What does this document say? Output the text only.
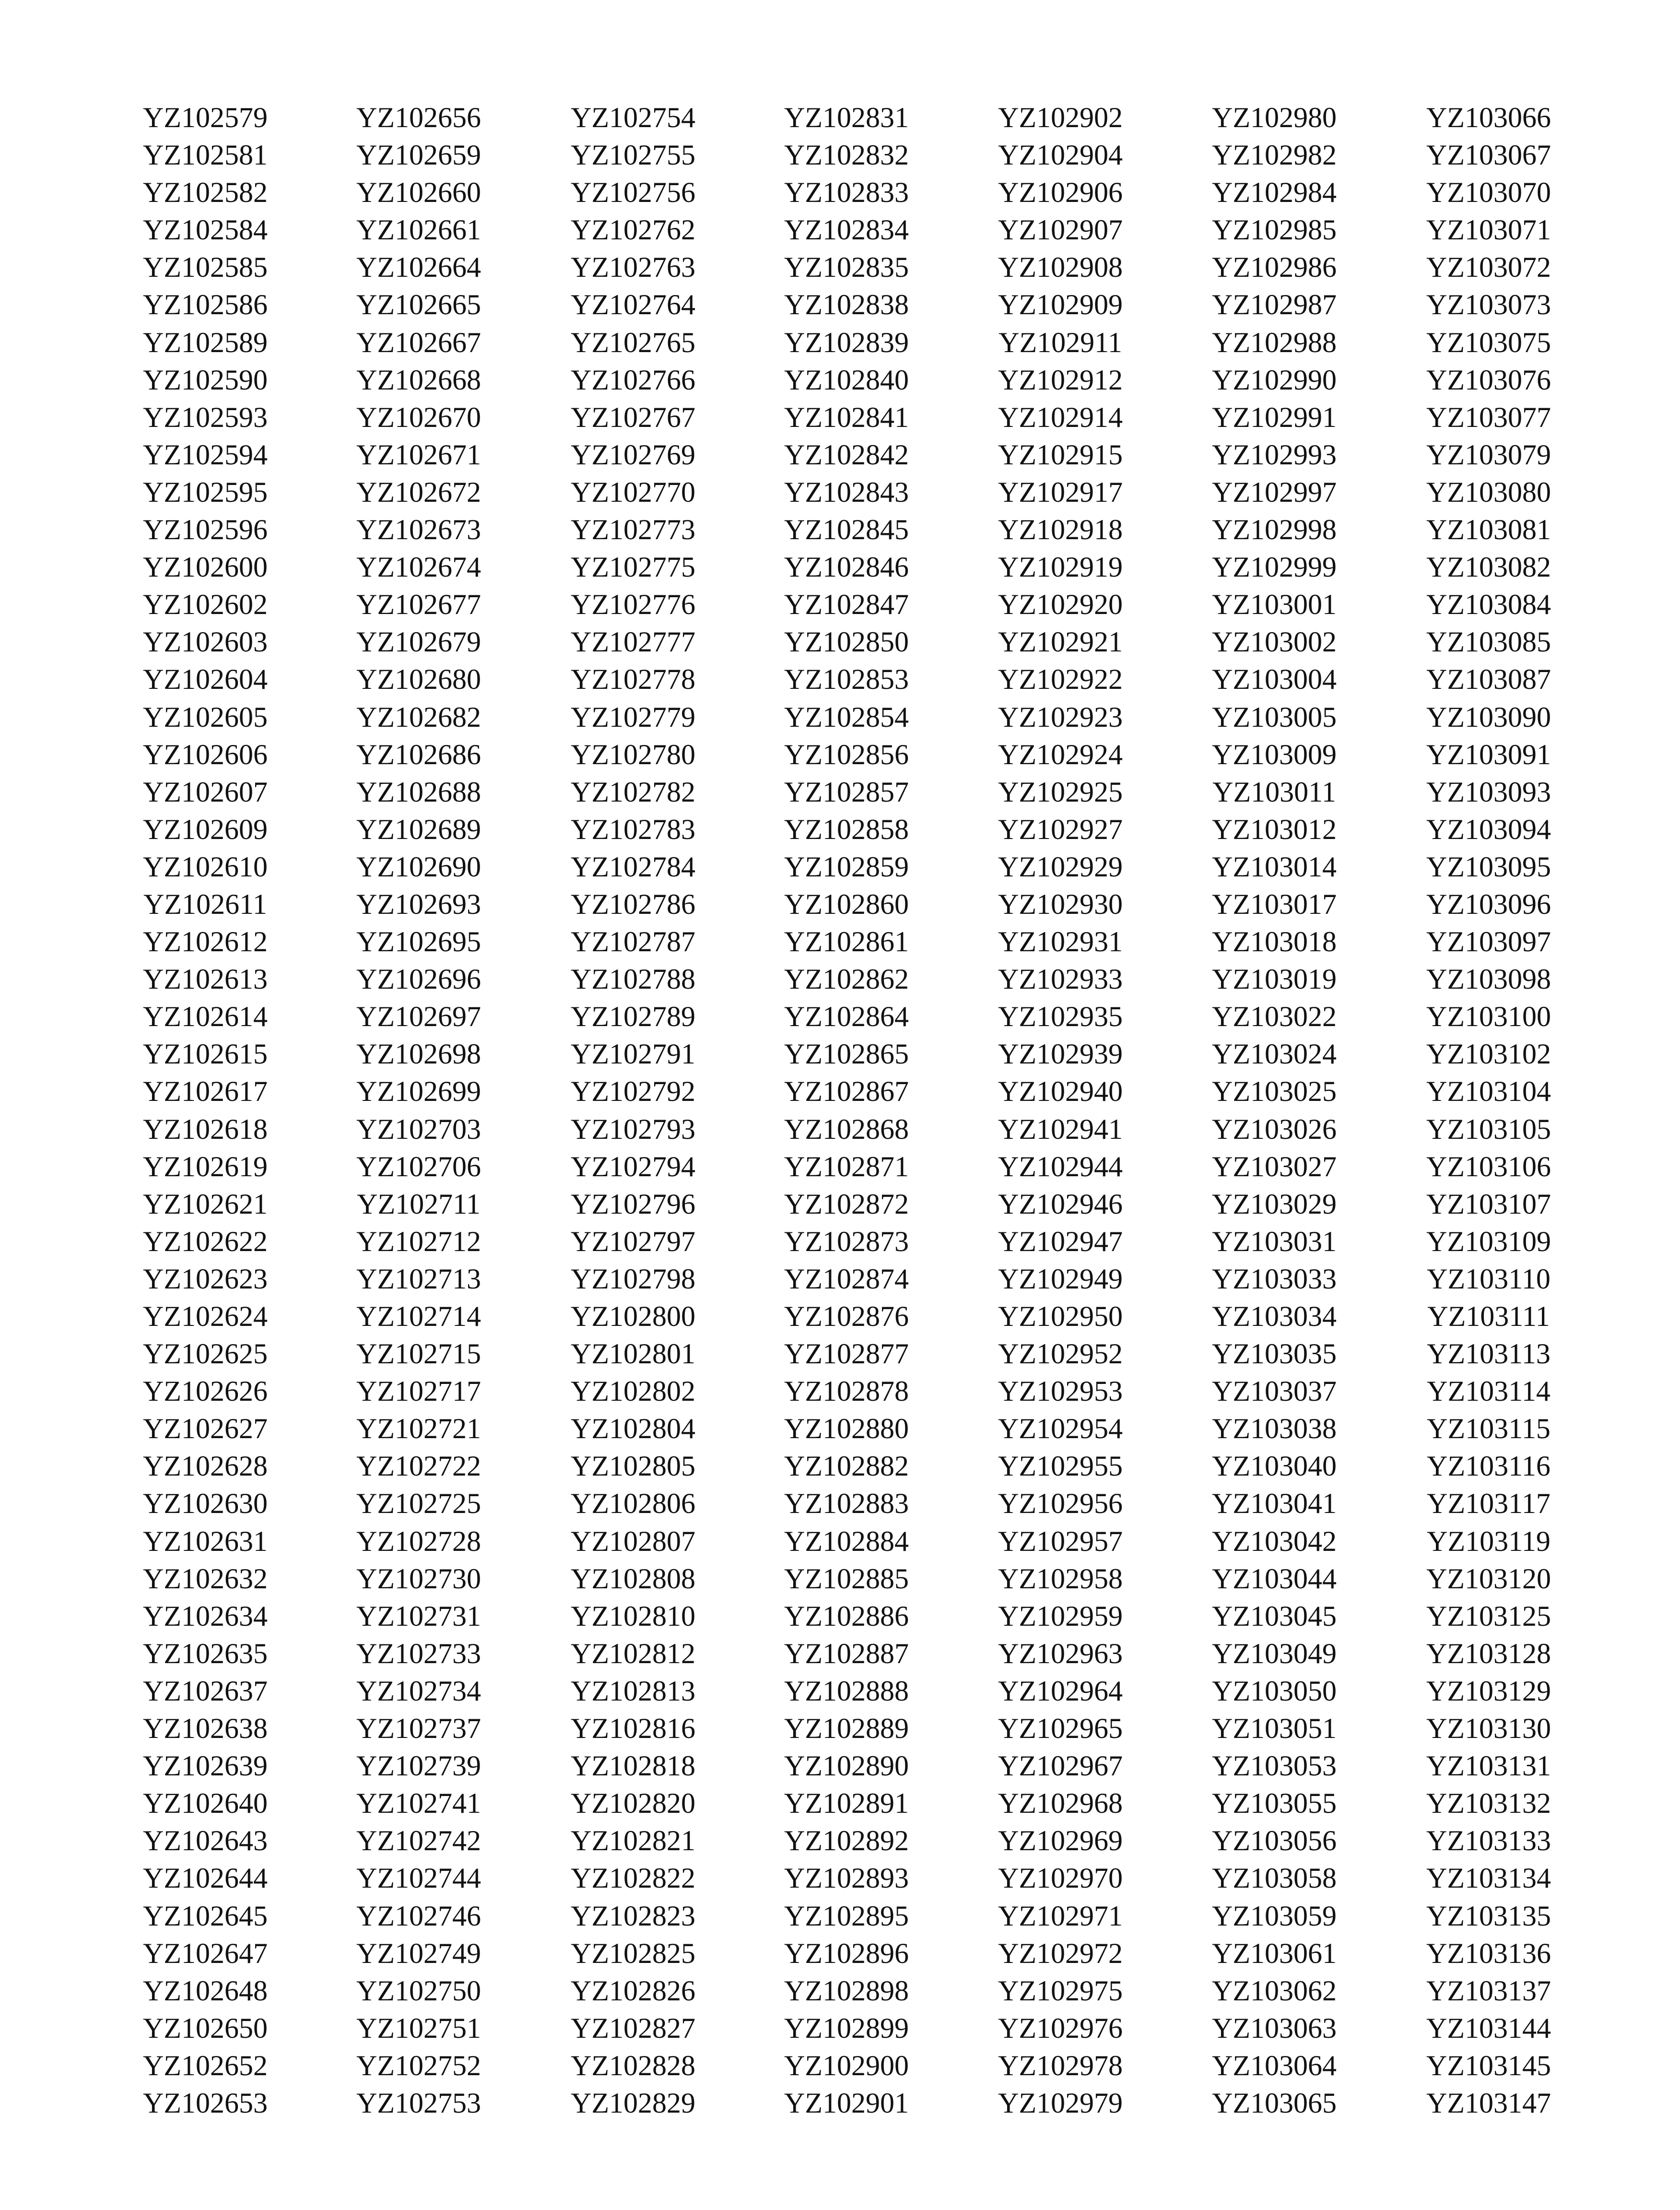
YZ102579
YZ102581
YZ102582
YZ102584
YZ102585
YZ102586
YZ102589
YZ102590
YZ102593
YZ102594
YZ102595
YZ102596
YZ102600
YZ102602
YZ102603
YZ102604
YZ102605
YZ102606
YZ102607
YZ102609
YZ102610
YZ102611
YZ102612
YZ102613
YZ102614
YZ102615
YZ102617
YZ102618
YZ102619
YZ102621
YZ102622
YZ102623
YZ102624
YZ102625
YZ102626
YZ102627
YZ102628
YZ102630
YZ102631
YZ102632
YZ102634
YZ102635
YZ102637
YZ102638
YZ102639
YZ102640
YZ102643
YZ102644
YZ102645
YZ102647
YZ102648
YZ102650
YZ102652
YZ102653
YZ102656
YZ102659
YZ102660
YZ102661
YZ102664
YZ102665
YZ102667
YZ102668
YZ102670
YZ102671
YZ102672
YZ102673
YZ102674
YZ102677
YZ102679
YZ102680
YZ102682
YZ102686
YZ102688
YZ102689
YZ102690
YZ102693
YZ102695
YZ102696
YZ102697
YZ102698
YZ102699
YZ102703
YZ102706
YZ102711
YZ102712
YZ102713
YZ102714
YZ102715
YZ102717
YZ102721
YZ102722
YZ102725
YZ102728
YZ102730
YZ102731
YZ102733
YZ102734
YZ102737
YZ102739
YZ102741
YZ102742
YZ102744
YZ102746
YZ102749
YZ102750
YZ102751
YZ102752
YZ102753
YZ102754
YZ102755
YZ102756
YZ102762
YZ102763
YZ102764
YZ102765
YZ102766
YZ102767
YZ102769
YZ102770
YZ102773
YZ102775
YZ102776
YZ102777
YZ102778
YZ102779
YZ102780
YZ102782
YZ102783
YZ102784
YZ102786
YZ102787
YZ102788
YZ102789
YZ102791
YZ102792
YZ102793
YZ102794
YZ102796
YZ102797
YZ102798
YZ102800
YZ102801
YZ102802
YZ102804
YZ102805
YZ102806
YZ102807
YZ102808
YZ102810
YZ102812
YZ102813
YZ102816
YZ102818
YZ102820
YZ102821
YZ102822
YZ102823
YZ102825
YZ102826
YZ102827
YZ102828
YZ102829
YZ102831
YZ102832
YZ102833
YZ102834
YZ102835
YZ102838
YZ102839
YZ102840
YZ102841
YZ102842
YZ102843
YZ102845
YZ102846
YZ102847
YZ102850
YZ102853
YZ102854
YZ102856
YZ102857
YZ102858
YZ102859
YZ102860
YZ102861
YZ102862
YZ102864
YZ102865
YZ102867
YZ102868
YZ102871
YZ102872
YZ102873
YZ102874
YZ102876
YZ102877
YZ102878
YZ102880
YZ102882
YZ102883
YZ102884
YZ102885
YZ102886
YZ102887
YZ102888
YZ102889
YZ102890
YZ102891
YZ102892
YZ102893
YZ102895
YZ102896
YZ102898
YZ102899
YZ102900
YZ102901
YZ102902
YZ102904
YZ102906
YZ102907
YZ102908
YZ102909
YZ102911
YZ102912
YZ102914
YZ102915
YZ102917
YZ102918
YZ102919
YZ102920
YZ102921
YZ102922
YZ102923
YZ102924
YZ102925
YZ102927
YZ102929
YZ102930
YZ102931
YZ102933
YZ102935
YZ102939
YZ102940
YZ102941
YZ102944
YZ102946
YZ102947
YZ102949
YZ102950
YZ102952
YZ102953
YZ102954
YZ102955
YZ102956
YZ102957
YZ102958
YZ102959
YZ102963
YZ102964
YZ102965
YZ102967
YZ102968
YZ102969
YZ102970
YZ102971
YZ102972
YZ102975
YZ102976
YZ102978
YZ102979
YZ102980
YZ102982
YZ102984
YZ102985
YZ102986
YZ102987
YZ102988
YZ102990
YZ102991
YZ102993
YZ102997
YZ102998
YZ102999
YZ103001
YZ103002
YZ103004
YZ103005
YZ103009
YZ103011
YZ103012
YZ103014
YZ103017
YZ103018
YZ103019
YZ103022
YZ103024
YZ103025
YZ103026
YZ103027
YZ103029
YZ103031
YZ103033
YZ103034
YZ103035
YZ103037
YZ103038
YZ103040
YZ103041
YZ103042
YZ103044
YZ103045
YZ103049
YZ103050
YZ103051
YZ103053
YZ103055
YZ103056
YZ103058
YZ103059
YZ103061
YZ103062
YZ103063
YZ103064
YZ103065
YZ103066
YZ103067
YZ103070
YZ103071
YZ103072
YZ103073
YZ103075
YZ103076
YZ103077
YZ103079
YZ103080
YZ103081
YZ103082
YZ103084
YZ103085
YZ103087
YZ103090
YZ103091
YZ103093
YZ103094
YZ103095
YZ103096
YZ103097
YZ103098
YZ103100
YZ103102
YZ103104
YZ103105
YZ103106
YZ103107
YZ103109
YZ103110
YZ103111
YZ103113
YZ103114
YZ103115
YZ103116
YZ103117
YZ103119
YZ103120
YZ103125
YZ103128
YZ103129
YZ103130
YZ103131
YZ103132
YZ103133
YZ103134
YZ103135
YZ103136
YZ103137
YZ103144
YZ103145
YZ103147
